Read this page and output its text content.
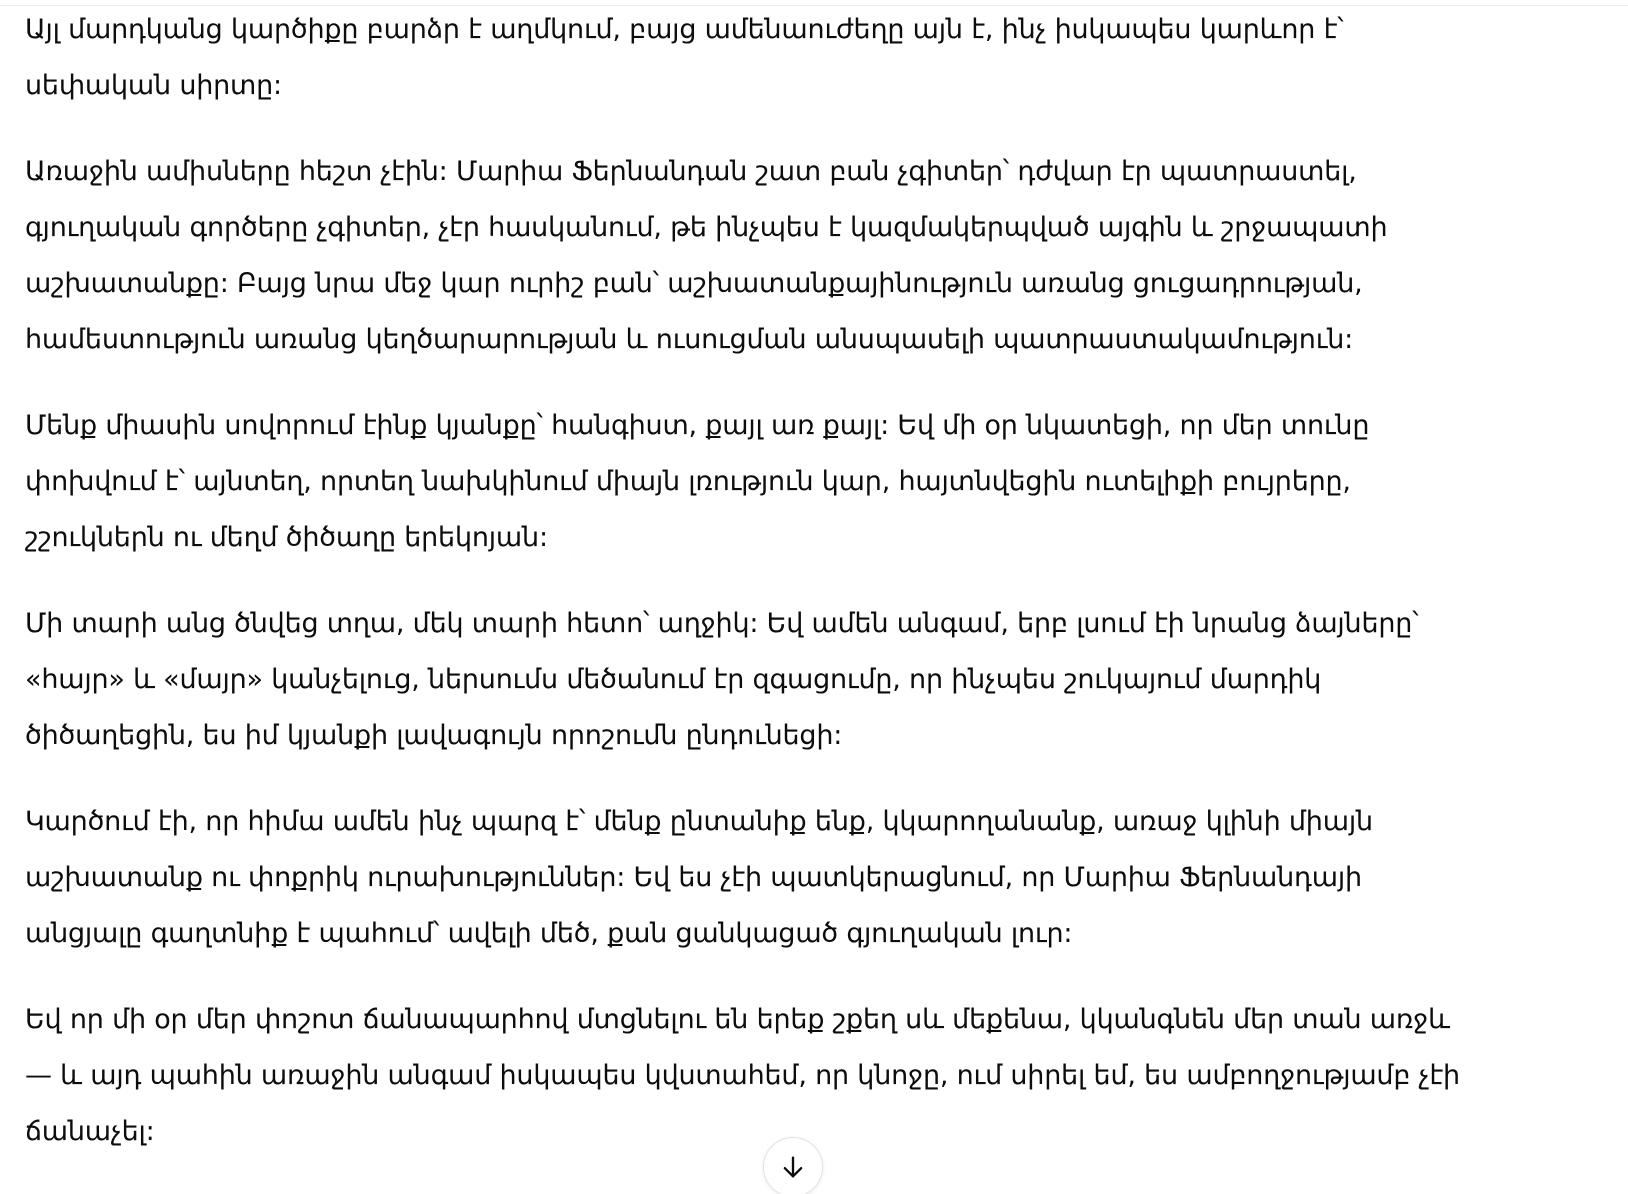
Այլ մարդկանց կարծիքը բարձր է աղմկում, բայց ամենաուժեղը այն է, ինչ իսկապես կարևոր է՝
սեփական սիրտը:

Առաջին ամիսները հեշտ չէին: Մարիա Ֆերնանդան շատ բան չգիտեր՝ դժվար էր պատրաստել,
գյուղական գործերը չգիտեր, չէր հասկանում, թե ինչպես է կազմակերպված այգին և շրջապատի
աշխատանքը: Բայց նրա մեջ կար ուրիշ բան՝ աշխատանքայինություն առանց ցուցադրության,
համեստություն առանց կեղծարարության և ուսուցման անսպասելի պատրաստակամություն:

Մենք միասին սովորում էինք կյանքը՝ հանգիստ, քայլ առ քայլ: Եվ մի օր նկատեցի, որ մեր տունը
փոխվում է՝ այնտեղ, որտեղ նախկինում միայն լռություն կար, հայտնվեցին ուտելիքի բույրերը,
շշուկներն ու մեղմ ծիծաղը երեկոյան:

Մի տարի անց ծնվեց տղա, մեկ տարի հետո՝ աղջիկ: Եվ ամեն անգամ, երբ լսում էի նրանց ձայները՝
«հայր» և «մայր» կանչելուց, ներսումս մեծանում էր զգացումը, որ ինչպես շուկայում մարդիկ
ծիծաղեցին, ես իմ կյանքի լավագույն որոշումն ընդունեցի:

Կարծում էի, որ հիմա ամեն ինչ պարզ է՝ մենք ընտանիք ենք, կկարողանանք, առաջ կլինի միայն
աշխատանք ու փոքրիկ ուրախություններ: Եվ ես չէի պատկերացնում, որ Մարիա Ֆերնանդայի
անցյալը գաղտնիք է պահում՝ ավելի մեծ, քան ցանկացած գյուղական լուր:

Եվ որ մի օր մեր փոշոտ ճանապարհով մտցնելու են երեք շքեղ սև մեքենա, կկանգնեն մեր տան առջև
— և այդ պահին առաջին անգամ իսկապես կվստահեմ, որ կնոջը, ում սիրել եմ, ես ամբողջությամբ չէի
ճանաչել:
